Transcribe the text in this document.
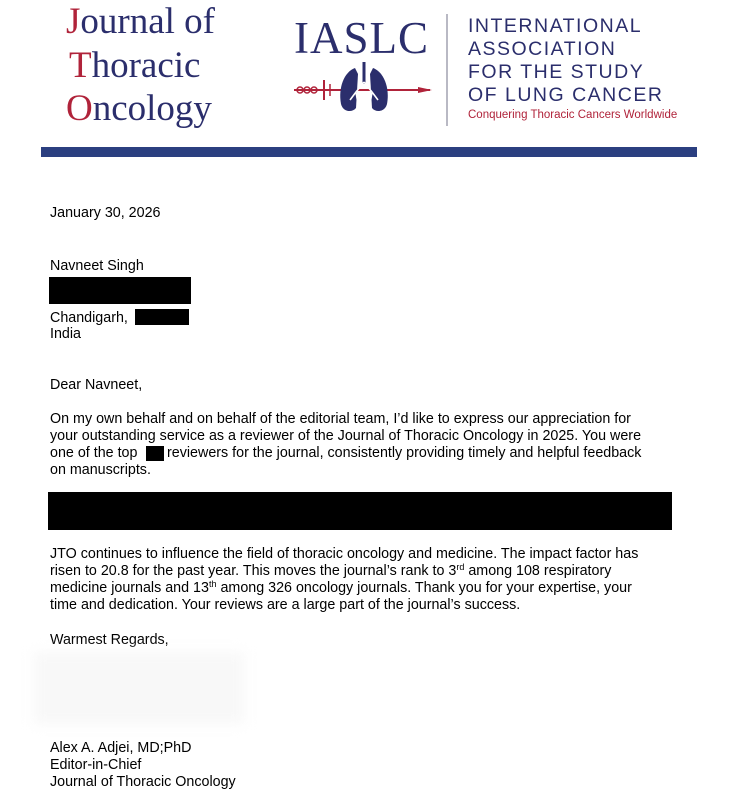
Journal of
Thoracic
Oncology
IASLC INTERNATIONAL
ASSOCIATION
FOR THE STUDY
OF LUNG CANCER
Conquering Thoracic Cancers Worldwide
January 30, 2026
Navneet Singh
Chandigarh,
India
Dear Navneet,
On my own behalf and on behalf of the editorial team, I’d like to express our appreciation for
your outstanding service as a reviewer of the Journal of Thoracic Oncology in 2025. You were
one of the top reviewers for the journal, consistently providing timely and helpful feedback
on manuscripts.
JTO continues to influence the field of thoracic oncology and medicine. The impact factor has
risen to 20.8 for the past year. This moves the journal’s rank to 3rd among 108 respiratory
medicine journals and 13th among 326 oncology journals. Thank you for your expertise, your
time and dedication. Your reviews are a large part of the journal’s success.
Warmest Regards,
Alex A. Adjei, MD;PhD
Editor-in-Chief
Journal of Thoracic Oncology
